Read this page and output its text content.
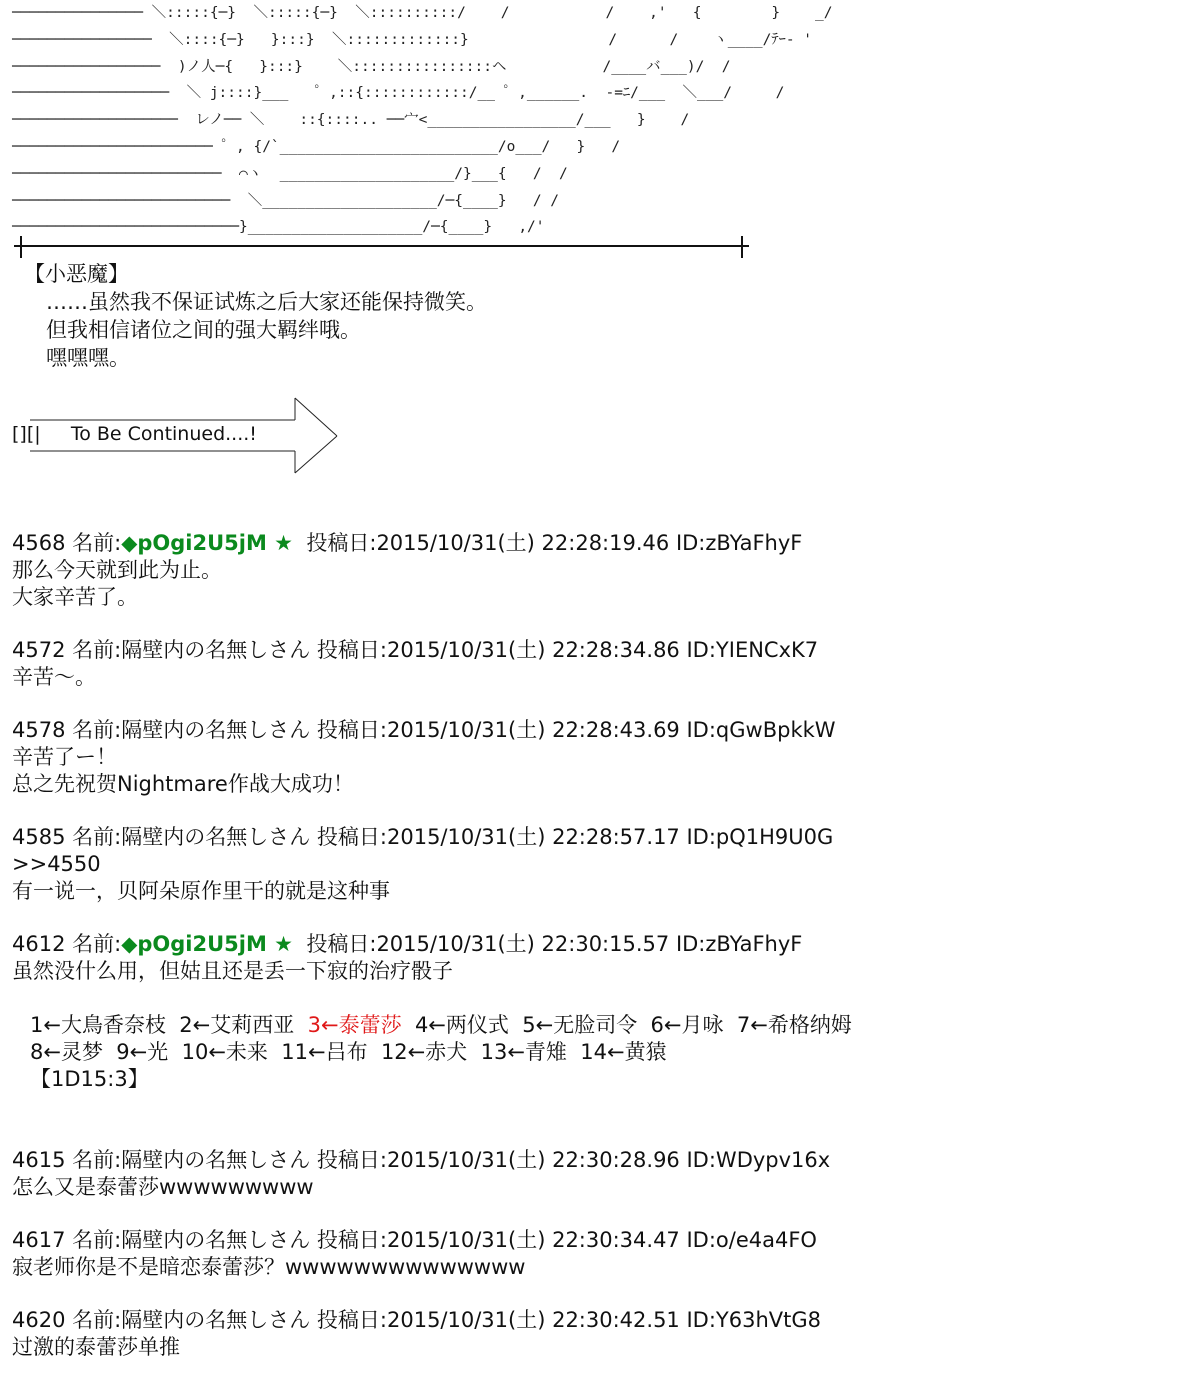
─────────────── ＼:::::{─}  ＼:::::{─}  ＼::::::::::/    /           /    ,'   {        }    _/
────────────────  ＼::::{─}   }:::}  ＼:::::::::::::}                /      /    ヽ____/ﾃｰ‐ '
─────────────────  )ノ人─{   }:::}    ＼::::::::::::::::ヘ           /____バ___)/  /
──────────────────  ＼ j::::}___   ゜,::{::::::::::::/__ ゜,______.  -=ﾆ/___  ＼___/     /
───────────────────  レノ── ＼    ::{::::.. ──宀<_________________/___   }    /
─────────────────────── ゜, {/`_________________________/o___/   }   /
────────────────────────  ⌒ヽ  ____________________/}___{   /  /
─────────────────────────  ＼____________________/─{____}   / /
──────────────────────────}____________________/─{____}   ,/'
【小恶魔】
……虽然我不保证试炼之后大家还能保持微笑。
但我相信诸位之间的强大羁绊哦。
嘿嘿嘿。
[][|     To Be Continued....!
4568 名前:◆pOgi2U5jM ★ 投稿日:2015/10/31(土) 22:28:19.46 ID:zBYaFhyF
那么今天就到此为止。
大家辛苦了。
4572 名前:隔壁内の名無しさん 投稿日:2015/10/31(土) 22:28:34.86 ID:YIENCxK7
辛苦～。
4578 名前:隔壁内の名無しさん 投稿日:2015/10/31(土) 22:28:43.69 ID:qGwBpkkW
辛苦了ー！
总之先祝贺Nightmare作战大成功！
4585 名前:隔壁内の名無しさん 投稿日:2015/10/31(土) 22:28:57.17 ID:pQ1H9U0G
>>4550
有一说一，贝阿朵原作里干的就是这种事
4612 名前:◆pOgi2U5jM ★ 投稿日:2015/10/31(土) 22:30:15.57 ID:zBYaFhyF
虽然没什么用，但姑且还是丢一下寂的治疗骰子
1←大鳥香奈枝  2←艾莉西亚  3←泰蕾莎  4←两仪式  5←无脸司令  6←月咏  7←希格纳姆
8←灵梦  9←光  10←未来  11←吕布  12←赤犬  13←青雉  14←黄猿
【1D15:3】
4615 名前:隔壁内の名無しさん 投稿日:2015/10/31(土) 22:30:28.96 ID:WDypv16x
怎么又是泰蕾莎wwwwwwwww
4617 名前:隔壁内の名無しさん 投稿日:2015/10/31(土) 22:30:34.47 ID:o/e4a4FO
寂老师你是不是暗恋泰蕾莎？wwwwwwwwwwwwww
4620 名前:隔壁内の名無しさん 投稿日:2015/10/31(土) 22:30:42.51 ID:Y63hVtG8
过激的泰蕾莎单推
